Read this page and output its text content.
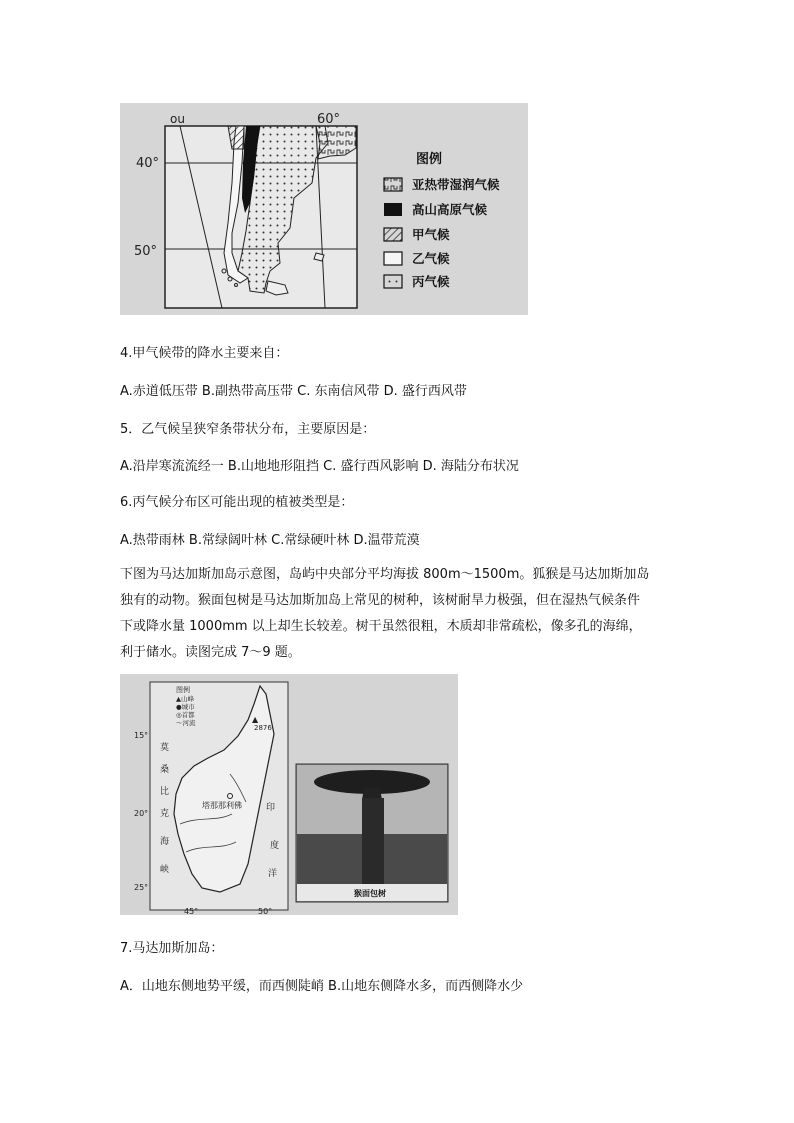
ou	60°
40°
50°
图例
亚热带湿润气候
高山高原气候
甲气候
乙气候
丙气候
4.甲气候带的降水主要来自：
A.赤道低压带 B.副热带高压带 C. 东南信风带 D. 盛行西风带
5．乙气候呈狭窄条带状分布，主要原因是：
A.沿岸寒流流经一 B.山地地形阻挡 C. 盛行西风影响 D. 海陆分布状况
6.丙气候分布区可能出现的植被类型是：
A.热带雨林 B.常绿阔叶林 C.常绿硬叶林 D.温带荒漠
下图为马达加斯加岛示意图，岛屿中央部分平均海拔 800m～1500m。狐猴是马达加斯加岛
独有的动物。猴面包树是马达加斯加岛上常见的树种，该树耐旱力极强，但在湿热气候条件
下或降水量 1000mm 以上却生长较差。树干虽然很粗，木质却非常疏松，像多孔的海绵，
利于储水。读图完成 7～9 题。
图例
▲山峰
●城市
◎首都
～河流	▲
2876
塔那那利佛
莫
桑
比
克
海
峡
印
度
洋
15°
20°
25°
45°	50°
猴面包树
7.马达加斯加岛：
A．山地东侧地势平缓，而西侧陡峭 B.山地东侧降水多，而西侧降水少
